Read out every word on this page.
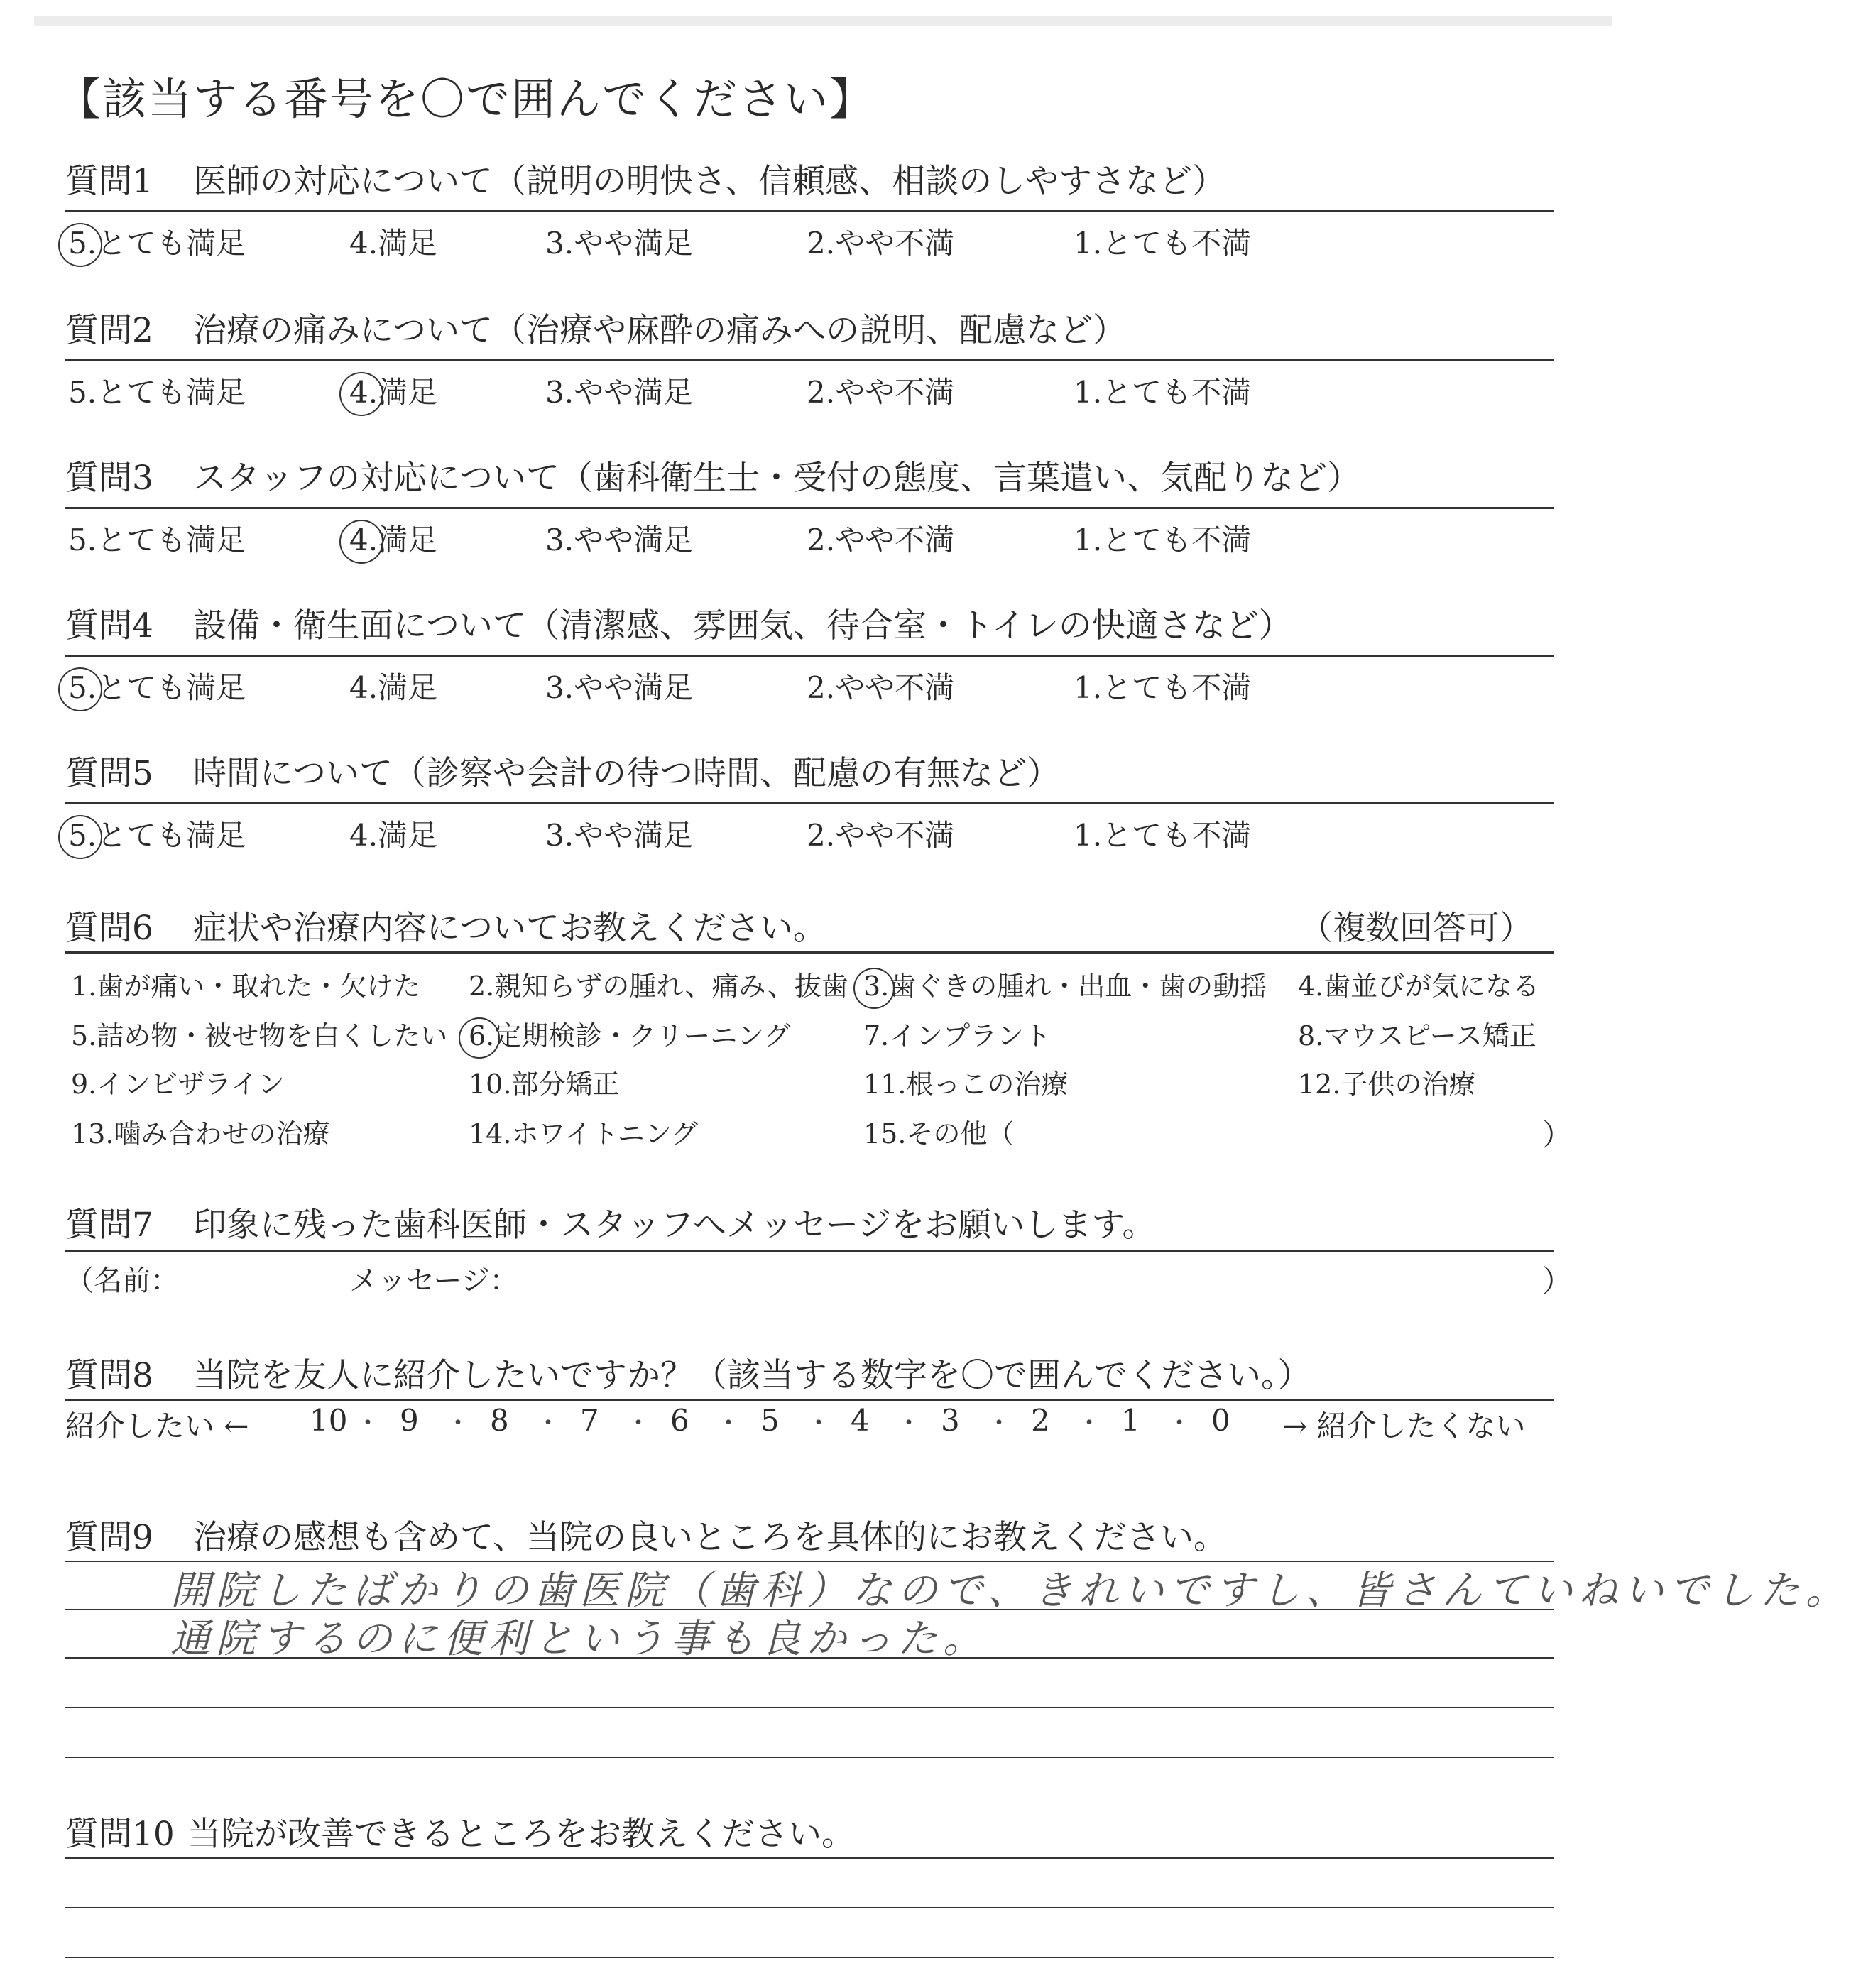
【該当する番号を〇で囲んでください】
質問1 医師の対応について（説明の明快さ、信頼感、相談のしやすさなど）
5.とても満足	4.満足	3.やや満足	2.やや不満	1.とても不満
質問2 治療の痛みについて（治療や麻酔の痛みへの説明、配慮など）
5.とても満足	4.満足	3.やや満足	2.やや不満	1.とても不満
質問3 スタッフの対応について（歯科衛生士・受付の態度、言葉遣い、気配りなど）
5.とても満足	4.満足	3.やや満足	2.やや不満	1.とても不満
質問4 設備・衛生面について（清潔感、雰囲気、待合室・トイレの快適さなど）
5.とても満足	4.満足	3.やや満足	2.やや不満	1.とても不満
質問5 時間について（診察や会計の待つ時間、配慮の有無など）
5.とても満足	4.満足	3.やや満足	2.やや不満	1.とても不満
質問6 症状や治療内容についてお教えください。	（複数回答可）
1.歯が痛い・取れた・欠けた 2.親知らずの腫れ、痛み、抜歯 3.歯ぐきの腫れ・出血・歯の動揺 4.歯並びが気になる
5.詰め物・被せ物を白くしたい 6.定期検診・クリーニング	7.インプラント	8.マウスピース矯正
9.インビザライン	10.部分矯正	11.根っこの治療	12.子供の治療
13.噛み合わせの治療	14.ホワイトニング	15.その他（	）
質問7 印象に残った歯科医師・スタッフへメッセージをお願いします。
（名前：	メッセージ：	）
質問8 当院を友人に紹介したいですか？（該当する数字を〇で囲んでください。）
紹介したい ← 10 ・ 9 ・ 8 ・ 7 ・ 6 ・ 5 ・ 4 ・ 3 ・ 2 ・ 1 ・ 0 → 紹介したくない
質問9 治療の感想も含めて、当院の良いところを具体的にお教えください。
開院したばかりの歯医院（歯科）なので、きれいですし、皆さんていねいでした。
通院するのに便利という事も良かった。
質問10 当院が改善できるところをお教えください。
